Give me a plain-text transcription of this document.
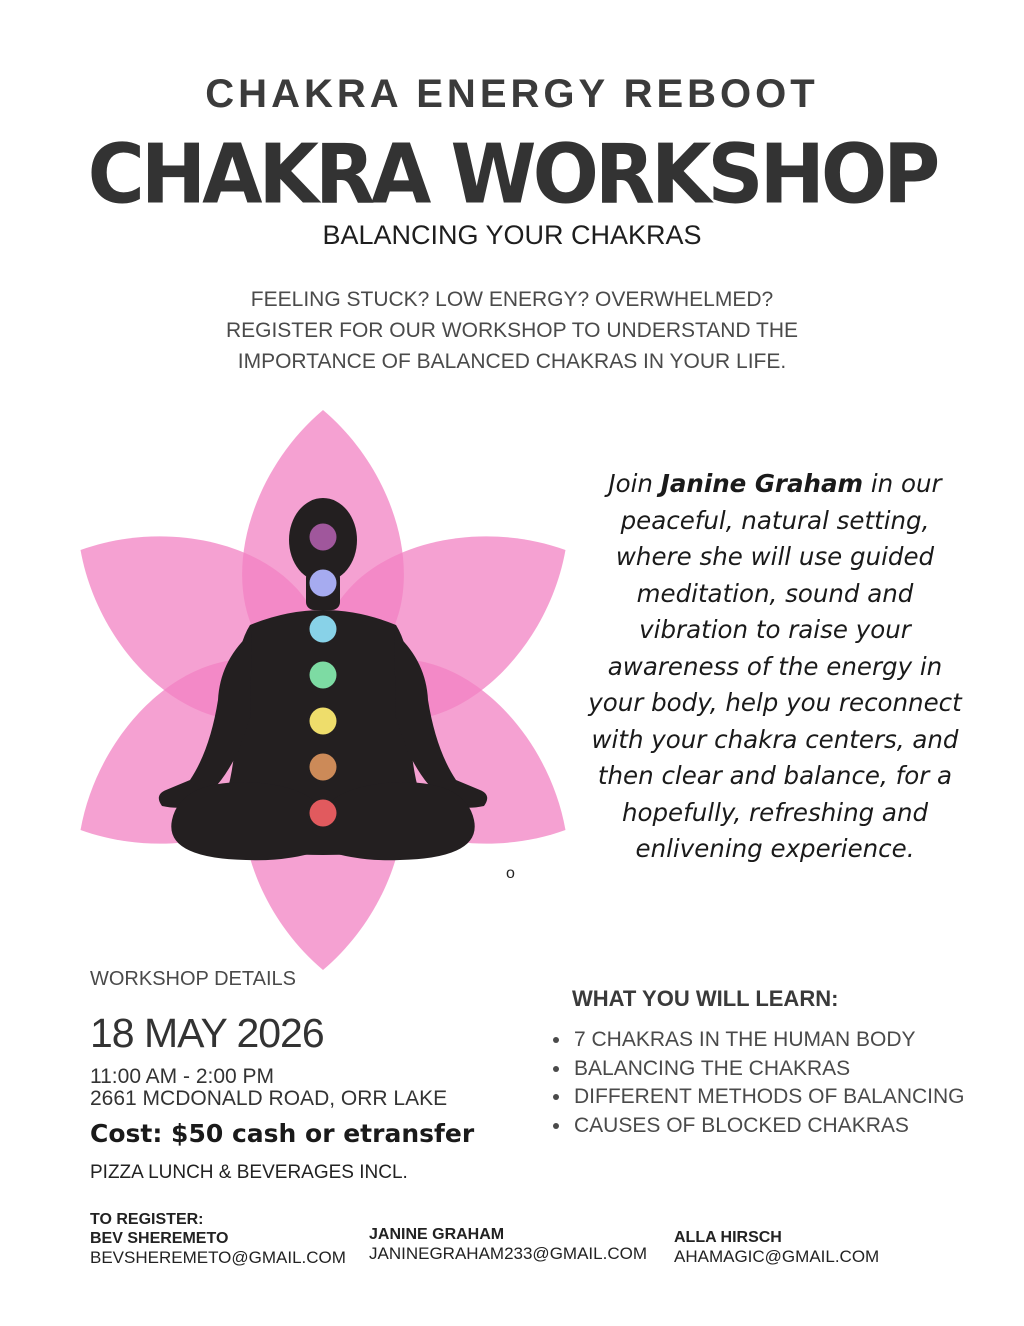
CHAKRA ENERGY REBOOT
CHAKRA WORKSHOP
BALANCING YOUR CHAKRAS
FEELING STUCK? LOW ENERGY? OVERWHELMED?
REGISTER FOR OUR WORKSHOP TO UNDERSTAND THE
IMPORTANCE OF BALANCED CHAKRAS IN YOUR LIFE.
o
Join Janine Graham in our peaceful, natural setting, where she will use guided meditation, sound and vibration to raise your awareness of the energy in your body, help you reconnect with your chakra centers, and then clear and balance, for a hopefully, refreshing and enlivening experience.
WORKSHOP DETAILS
18 MAY 2026
11:00 AM - 2:00 PM
2661 MCDONALD ROAD, ORR LAKE
Cost: $50 cash or etransfer
PIZZA LUNCH & BEVERAGES INCL.
WHAT YOU WILL LEARN:
• 7 CHAKRAS IN THE HUMAN BODY
• BALANCING THE CHAKRAS
• DIFFERENT METHODS OF BALANCING
• CAUSES OF BLOCKED CHAKRAS
TO REGISTER:
BEV SHEREMETO
BEVSHEREMETO@GMAIL.COM
JANINE GRAHAM
JANINEGRAHAM233@GMAIL.COM
ALLA HIRSCH
AHAMAGIC@GMAIL.COM
